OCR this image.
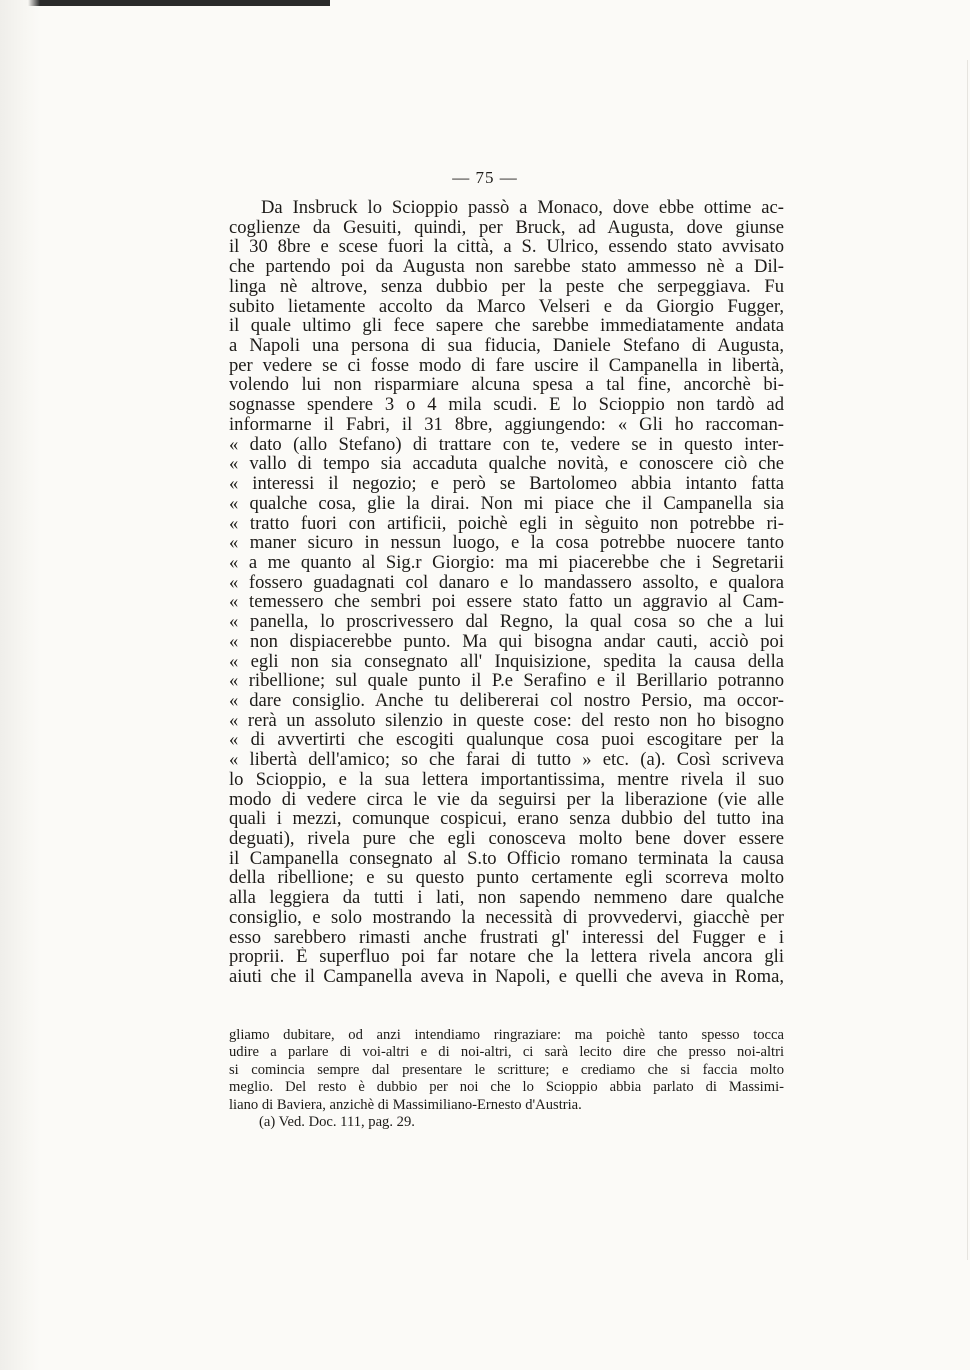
— 75 —
Da Insbruck lo Scioppio passò a Monaco, dove ebbe ottime ac-
coglienze da Gesuiti, quindi, per Bruck, ad Augusta, dove giunse
il 30 8bre e scese fuori la città, a S. Ulrico, essendo stato avvisato
che partendo poi da Augusta non sarebbe stato ammesso nè a Dil-
linga nè altrove, senza dubbio per la peste che serpeggiava. Fu
subito lietamente accolto da Marco Velseri e da Giorgio Fugger,
il quale ultimo gli fece sapere che sarebbe immediatamente andata
a Napoli una persona di sua fiducia, Daniele Stefano di Augusta,
per vedere se ci fosse modo di fare uscire il Campanella in libertà,
volendo lui non risparmiare alcuna spesa a tal fine, ancorchè bi-
sognasse spendere 3 o 4 mila scudi. E lo Scioppio non tardò ad
informarne il Fabri, il 31 8bre, aggiungendo: « Gli ho raccoman-
« dato (allo Stefano) di trattare con te, vedere se in questo inter-
« vallo di tempo sia accaduta qualche novità, e conoscere ciò che
« interessi il negozio; e però se Bartolomeo abbia intanto fatta
« qualche cosa, glie la dirai. Non mi piace che il Campanella sia
« tratto fuori con artificii, poichè egli in sèguito non potrebbe ri-
« maner sicuro in nessun luogo, e la cosa potrebbe nuocere tanto
« a me quanto al Sig.r Giorgio: ma mi piacerebbe che i Segretarii
« fossero guadagnati col danaro e lo mandassero assolto, e qualora
« temessero che sembri poi essere stato fatto un aggravio al Cam-
« panella, lo proscrivessero dal Regno, la qual cosa so che a lui
« non dispiacerebbe punto. Ma qui bisogna andar cauti, acciò poi
« egli non sia consegnato all' Inquisizione, spedita la causa della
« ribellione; sul quale punto il P.e Serafino e il Berillario potranno
« dare consiglio. Anche tu delibererai col nostro Persio, ma occor-
« rerà un assoluto silenzio in queste cose: del resto non ho bisogno
« di avvertirti che escogiti qualunque cosa puoi escogitare per la
« libertà dell'amico; so che farai di tutto » etc. (a). Così scriveva
lo Scioppio, e la sua lettera importantissima, mentre rivela il suo
modo di vedere circa le vie da seguirsi per la liberazione (vie alle
quali i mezzi, comunque cospicui, erano senza dubbio del tutto ina
deguati), rivela pure che egli conosceva molto bene dover essere
il Campanella consegnato al S.to Officio romano terminata la causa
della ribellione; e su questo punto certamente egli scorreva molto
alla leggiera da tutti i lati, non sapendo nemmeno dare qualche
consiglio, e solo mostrando la necessità di provvedervi, giacchè per
esso sarebbero rimasti anche frustrati gl' interessi del Fugger e i
proprii. È superfluo poi far notare che la lettera rivela ancora gli
aiuti che il Campanella aveva in Napoli, e quelli che aveva in Roma,
gliamo dubitare, od anzi intendiamo ringraziare: ma poichè tanto spesso tocca
udire a parlare di voi-altri e di noi-altri, ci sarà lecito dire che presso noi-altri
si comincia sempre dal presentare le scritture; e crediamo che si faccia molto
meglio. Del resto è dubbio per noi che lo Scioppio abbia parlato di Massimi-
liano di Baviera, anzichè di Massimiliano-Ernesto d'Austria.
(a) Ved. Doc. 111, pag. 29.
